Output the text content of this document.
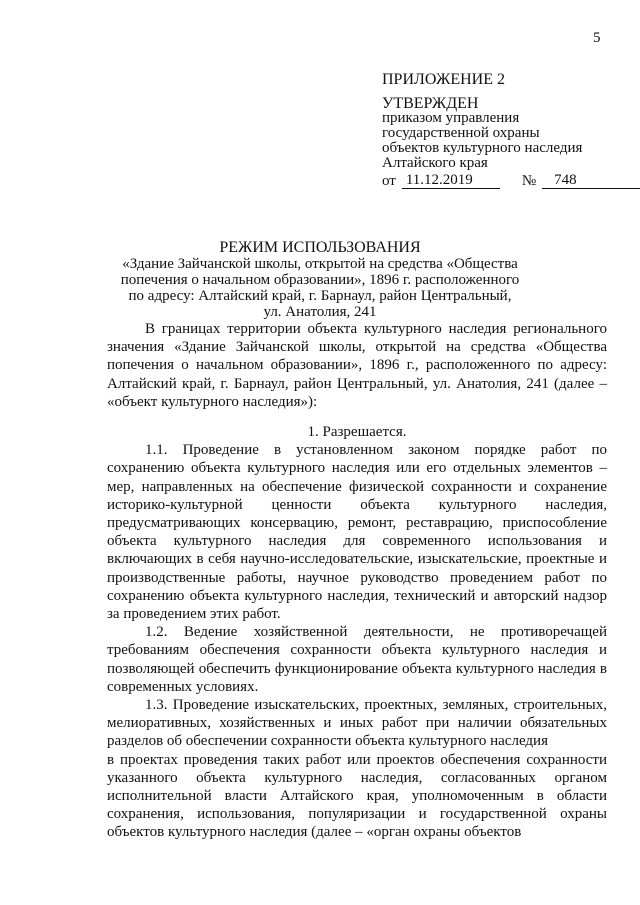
5
ПРИЛОЖЕНИЕ 2
УТВЕРЖДЕН
приказом управления
государственной охраны
объектов культурного наследия
Алтайского края
от 11.12.2019	№	748
РЕЖИМ ИСПОЛЬЗОВАНИЯ
«Здание Зайчанской школы, открытой на средства «Общества
попечения о начальном образовании», 1896 г. расположенного
по адресу: Алтайский край, г. Барнаул, район Центральный,
ул. Анатолия, 241

В границах территории объекта культурного наследия регионального значения «Здание Зайчанской школы, открытой на средства «Общества попечения о начальном образовании», 1896 г., расположенного по адресу: Алтайский край, г. Барнаул, район Центральный, ул. Анатолия, 241 (далее – «объект культурного наследия»):

1. Разрешается.

1.1. Проведение в установленном законом порядке работ по сохранению объекта культурного наследия или его отдельных элементов – мер, направленных на обеспечение физической сохранности и сохранение историко-культурной ценности объекта культурного наследия, предусматривающих консервацию, ремонт, реставрацию, приспособление объекта культурного наследия для современного использования и включающих в себя научно-исследовательские, изыскательские, проектные и производственные работы, научное руководство проведением работ по сохранению объекта культурного наследия, технический и авторский надзор за проведением этих работ.

1.2. Ведение хозяйственной деятельности, не противоречащей требованиям обеспечения сохранности объекта культурного наследия и позволяющей обеспечить функционирование объекта культурного наследия в современных условиях.

1.3. Проведение изыскательских, проектных, земляных, строительных, мелиоративных, хозяйственных и иных работ при наличии обязательных разделов об обеспечении сохранности объекта культурного наследия

в проектах проведения таких работ или проектов обеспечения сохранности указанного объекта культурного наследия, согласованных органом исполнительной власти Алтайского края, уполномоченным в области сохранения, использования, популяризации и государственной охраны объектов культурного наследия (далее – «орган охраны объектов
